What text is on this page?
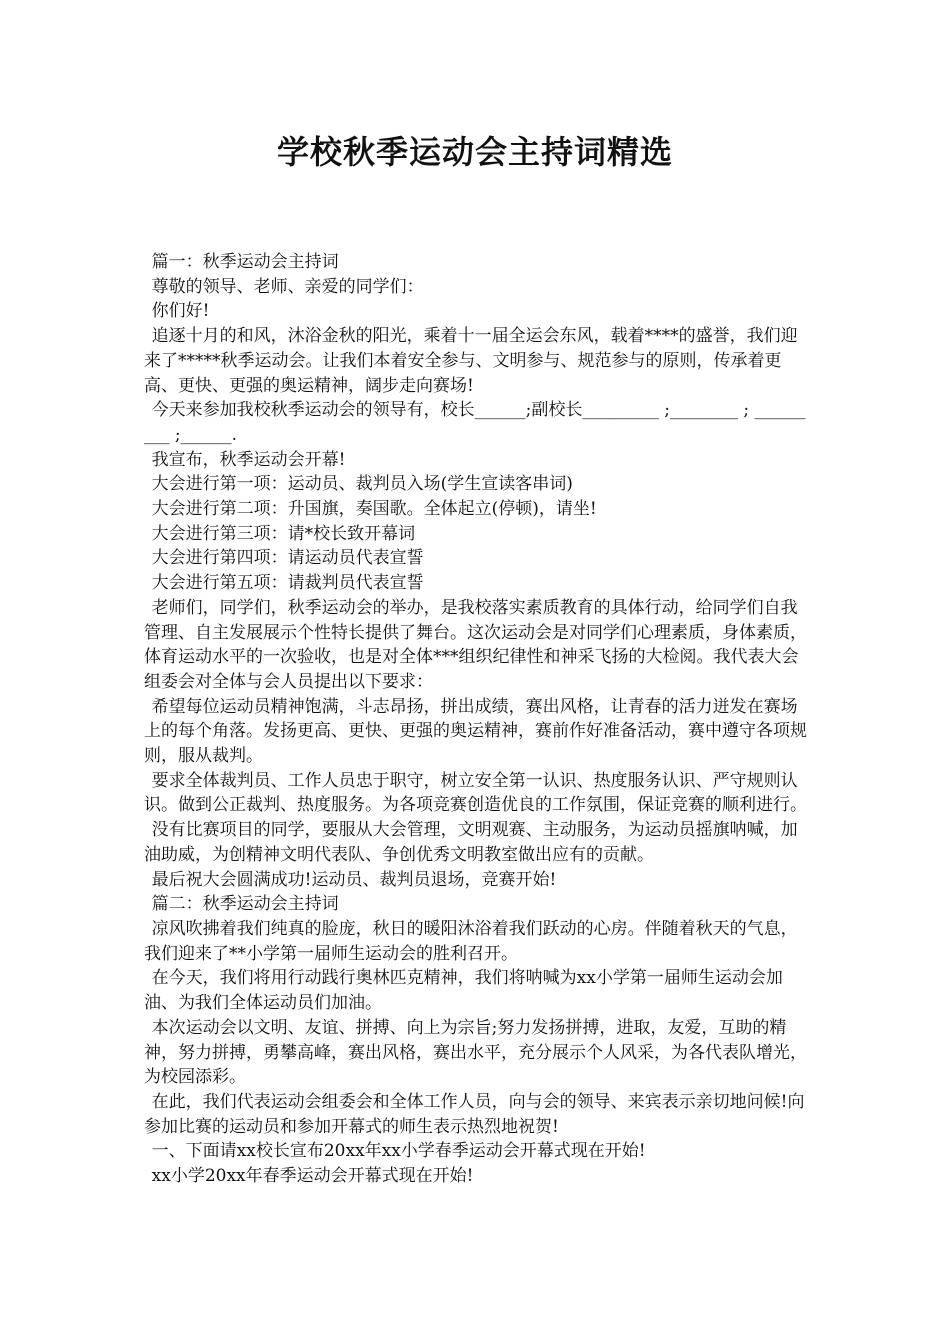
学校秋季运动会主持词精选

篇一：秋季运动会主持词

尊敬的领导、老师、亲爱的同学们：

你们好!

追逐十月的和风，沐浴金秋的阳光，乘着十一届全运会东风，载着****的盛誉，我们迎来了*****秋季运动会。让我们本着安全参与、文明参与、规范参与的原则，传承着更高、更快、更强的奥运精神，阔步走向赛场!

今天来参加我校秋季运动会的领导有，校长______;副校长_________ ;________ ; _________ ;______.

我宣布，秋季运动会开幕!

大会进行第一项：运动员、裁判员入场(学生宣读客串词)

大会进行第二项：升国旗，奏国歌。全体起立(停顿)，请坐!

大会进行第三项：请*校长致开幕词

大会进行第四项：请运动员代表宣誓

大会进行第五项：请裁判员代表宣誓

老师们，同学们，秋季运动会的举办，是我校落实素质教育的具体行动，给同学们自我管理、自主发展展示个性特长提供了舞台。这次运动会是对同学们心理素质，身体素质，体育运动水平的一次验收，也是对全体***组织纪律性和神采飞扬的大检阅。我代表大会组委会对全体与会人员提出以下要求：

希望每位运动员精神饱满，斗志昂扬，拼出成绩，赛出风格，让青春的活力迸发在赛场上的每个角落。发扬更高、更快、更强的奥运精神，赛前作好准备活动，赛中遵守各项规则，服从裁判。

要求全体裁判员、工作人员忠于职守，树立安全第一认识、热度服务认识、严守规则认识。做到公正裁判、热度服务。为各项竞赛创造优良的工作氛围，保证竞赛的顺利进行。

没有比赛项目的同学，要服从大会管理，文明观赛、主动服务，为运动员摇旗呐喊，加油助威，为创精神文明代表队、争创优秀文明教室做出应有的贡献。

最后祝大会圆满成功!运动员、裁判员退场，竞赛开始!

篇二：秋季运动会主持词

凉风吹拂着我们纯真的脸庞，秋日的暖阳沐浴着我们跃动的心房。伴随着秋天的气息，我们迎来了**小学第一届师生运动会的胜利召开。

在今天，我们将用行动践行奥林匹克精神，我们将呐喊为xx小学第一届师生运动会加油、为我们全体运动员们加油。

本次运动会以文明、友谊、拼搏、向上为宗旨;努力发扬拼搏，进取，友爱，互助的精神，努力拼搏，勇攀高峰，赛出风格，赛出水平，充分展示个人风采，为各代表队增光，为校园添彩。

在此，我们代表运动会组委会和全体工作人员，向与会的领导、来宾表示亲切地问候!向参加比赛的运动员和参加开幕式的师生表示热烈地祝贺!

一、下面请xx校长宣布20xx年xx小学春季运动会开幕式现在开始!

xx小学20xx年春季运动会开幕式现在开始!
